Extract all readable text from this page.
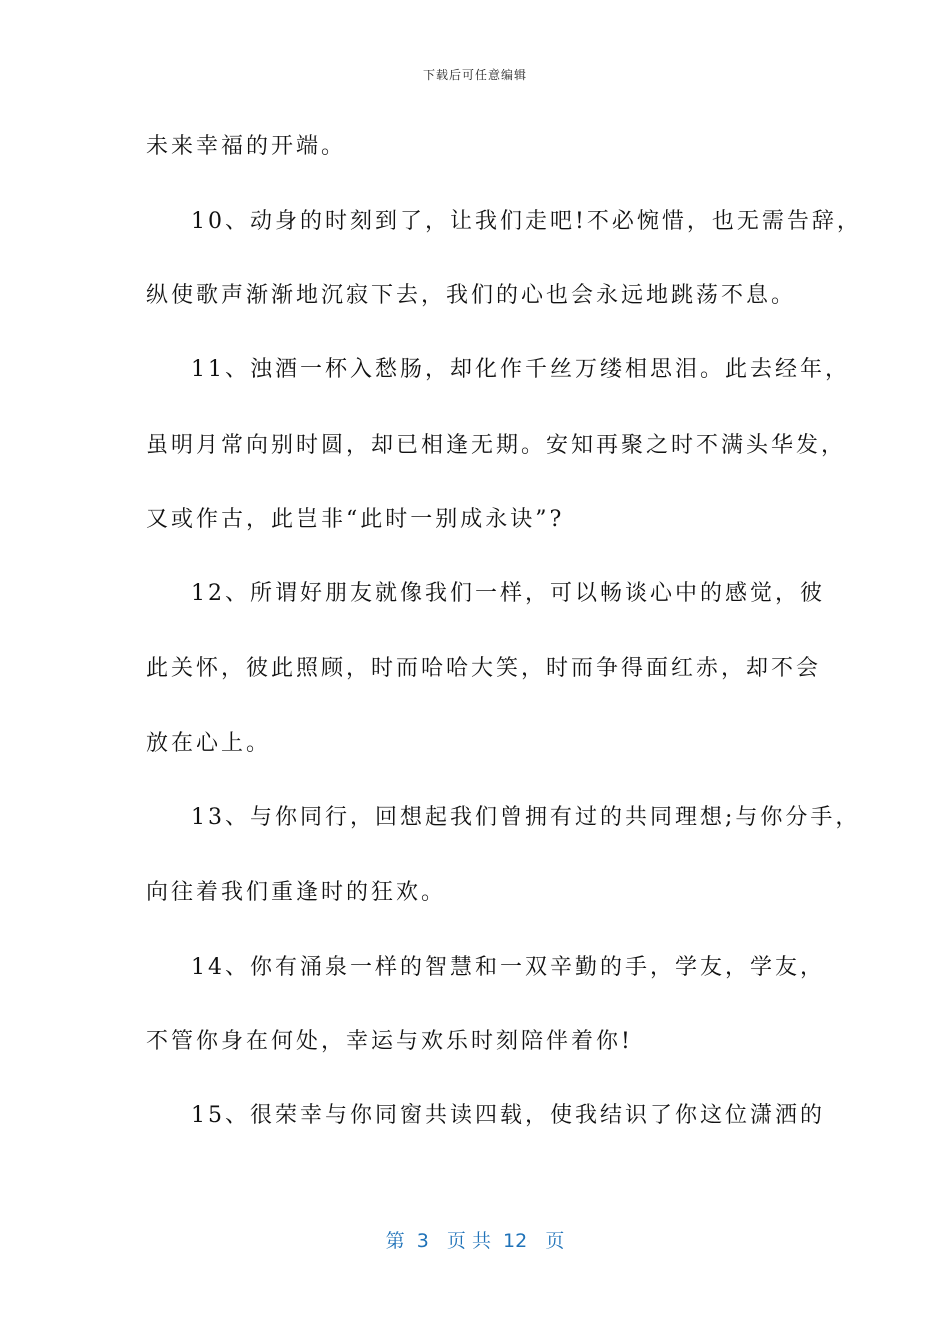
下载后可任意编辑
未来幸福的开端。
10、动身的时刻到了，让我们走吧!不必惋惜，也无需告辞，
纵使歌声渐渐地沉寂下去，我们的心也会永远地跳荡不息。
11、浊酒一杯入愁肠，却化作千丝万缕相思泪。此去经年，
虽明月常向别时圆，却已相逢无期。安知再聚之时不满头华发，
又或作古，此岂非“此时一别成永诀”?
12、所谓好朋友就像我们一样，可以畅谈心中的感觉，彼
此关怀，彼此照顾，时而哈哈大笑，时而争得面红赤，却不会
放在心上。
13、与你同行，回想起我们曾拥有过的共同理想;与你分手，
向往着我们重逢时的狂欢。
14、你有涌泉一样的智慧和一双辛勤的手，学友，学友，
不管你身在何处，幸运与欢乐时刻陪伴着你!
15、很荣幸与你同窗共读四载，使我结识了你这位潇洒的
第  3   页 共  12   页
